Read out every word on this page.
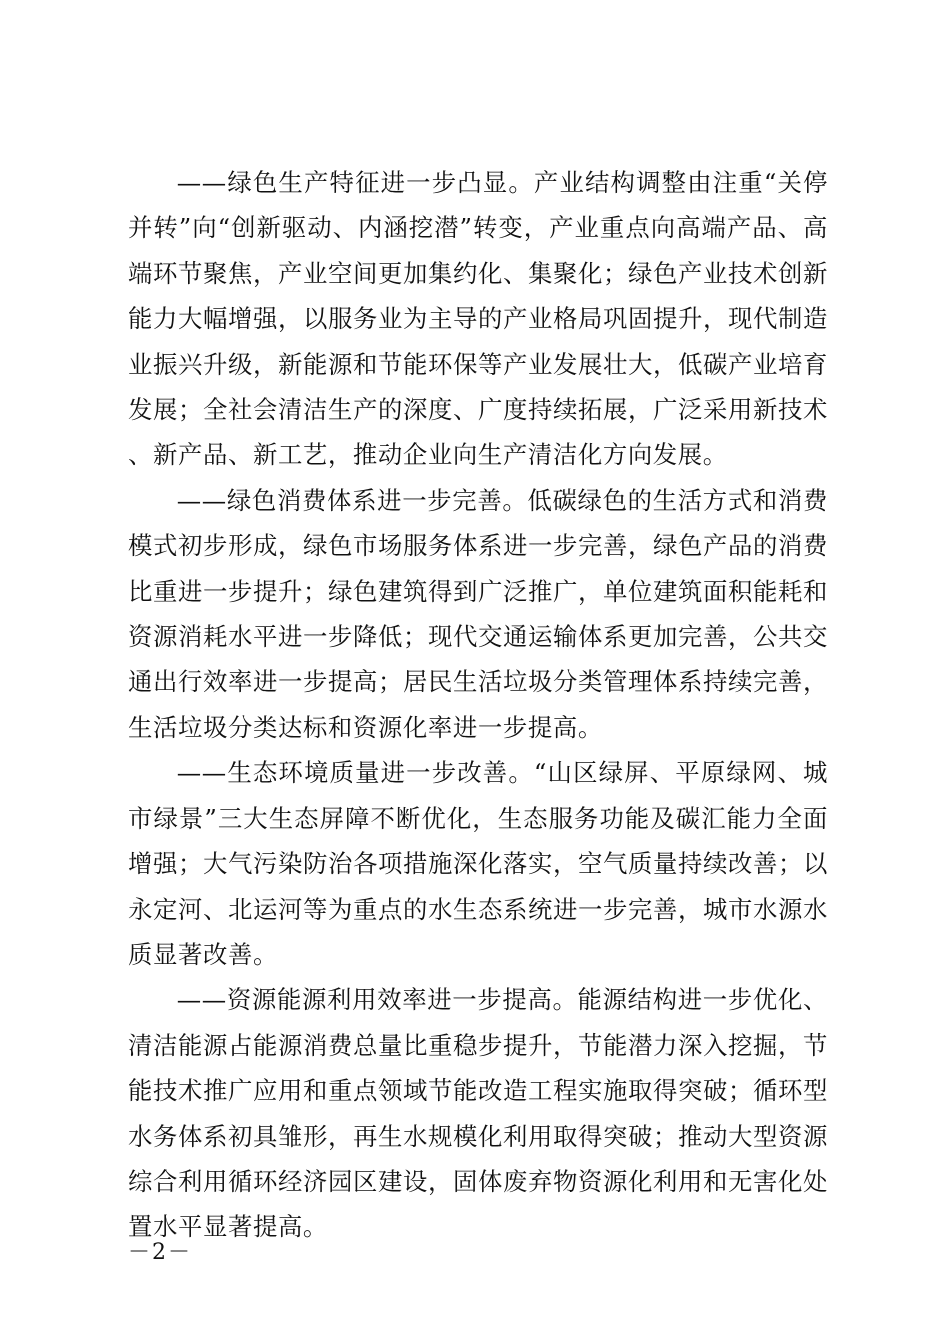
——绿色生产特征进一步凸显。产业结构调整由注重“关停并转”向“创新驱动、内涵挖潜”转变，产业重点向高端产品、高端环节聚焦，产业空间更加集约化、集聚化；绿色产业技术创新能力大幅增强，以服务业为主导的产业格局巩固提升，现代制造业振兴升级，新能源和节能环保等产业发展壮大，低碳产业培育发展；全社会清洁生产的深度、广度持续拓展，广泛采用新技术、新产品、新工艺，推动企业向生产清洁化方向发展。

——绿色消费体系进一步完善。低碳绿色的生活方式和消费模式初步形成，绿色市场服务体系进一步完善，绿色产品的消费比重进一步提升；绿色建筑得到广泛推广，单位建筑面积能耗和资源消耗水平进一步降低；现代交通运输体系更加完善，公共交通出行效率进一步提高；居民生活垃圾分类管理体系持续完善，生活垃圾分类达标和资源化率进一步提高。

——生态环境质量进一步改善。“山区绿屏、平原绿网、城市绿景”三大生态屏障不断优化，生态服务功能及碳汇能力全面增强；大气污染防治各项措施深化落实，空气质量持续改善；以永定河、北运河等为重点的水生态系统进一步完善，城市水源水质显著改善。

——资源能源利用效率进一步提高。能源结构进一步优化、清洁能源占能源消费总量比重稳步提升，节能潜力深入挖掘，节能技术推广应用和重点领域节能改造工程实施取得突破；循环型水务体系初具雏形，再生水规模化利用取得突破；推动大型资源综合利用循环经济园区建设，固体废弃物资源化利用和无害化处置水平显著提高。

－2－
